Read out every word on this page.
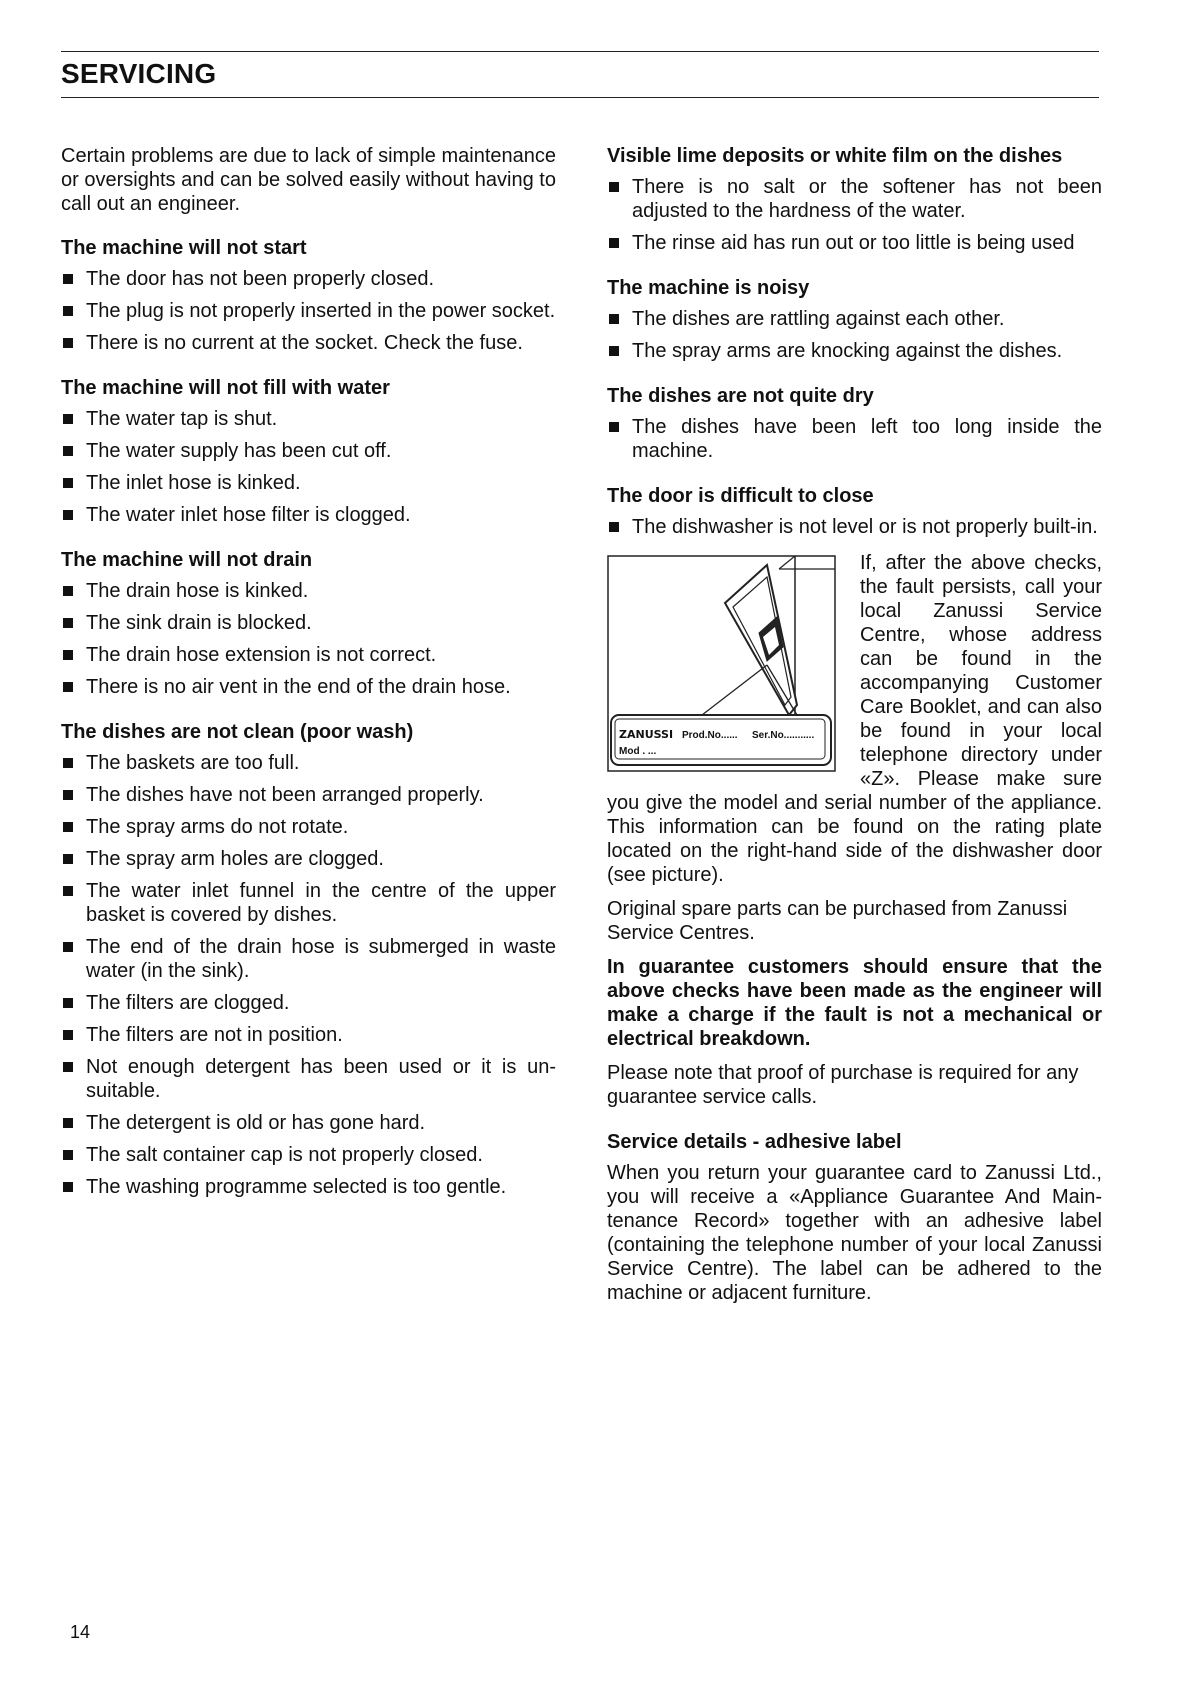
SERVICING

Certain problems are due to lack of simple maintenance or oversights and can be solved easily without having to call out an engineer.

The machine will not start
The door has not been properly closed.
The plug is not properly inserted in the power socket.
There is no current at the socket. Check the fuse.
The machine will not fill with water
The water tap is shut.
The water supply has been cut off.
The inlet hose is kinked.
The water inlet hose filter is clogged.
The machine will not drain
The drain hose is kinked.
The sink drain is blocked.
The drain hose extension is not correct.
There is no air vent in the end of the drain hose.
The dishes are not clean (poor wash)
The baskets are too full.
The dishes have not been arranged properly.
The spray arms do not rotate.
The spray arm holes are clogged.
The water inlet funnel in the centre of the upper basket is covered by dishes.
The end of the drain hose is submerged in waste water (in the sink).
The filters are clogged.
The filters are not in position.
Not enough detergent has been used or it is unsuitable.
The detergent is old or has gone hard.
The salt container cap is not properly closed.
The washing programme selected is too gentle.
Visible lime deposits or white film on the dishes
There is no salt or the softener has not been adjusted to the hardness of the water.
The rinse aid has run out or too little is being used
The machine is noisy
The dishes are rattling against each other.
The spray arms are knocking against the dishes.
The dishes are not quite dry
The dishes have been left too long inside the machine.
The door is difficult to close
The dishwasher is not level or is not properly built-in.
ZANUSSI Prod.No...... Ser.No...........
Mod . ...

If, after the above checks, the fault persists, call your local Zanussi Service Centre, whose address can be found in the accompanying Customer Care Booklet, and can also be found in your local telephone directory under «Z». Please make sure you give the model and serial number of the appliance. This information can be found on the rating plate located on the right-hand side of the dishwasher door (see picture).

Original spare parts can be purchased from Zanussi Service Centres.

In guarantee customers should ensure that the above checks have been made as the engineer will make a charge if the fault is not a mechanical or electrical breakdown.

Please note that proof of purchase is required for any guarantee service calls.

Service details - adhesive label

When you return your guarantee card to Zanussi Ltd., you will receive a «Appliance Guarantee And Maintenance Record» together with an adhesive label (containing the telephone number of your local Zanussi Service Centre). The label can be adhered to the machine or adjacent furniture.

14
